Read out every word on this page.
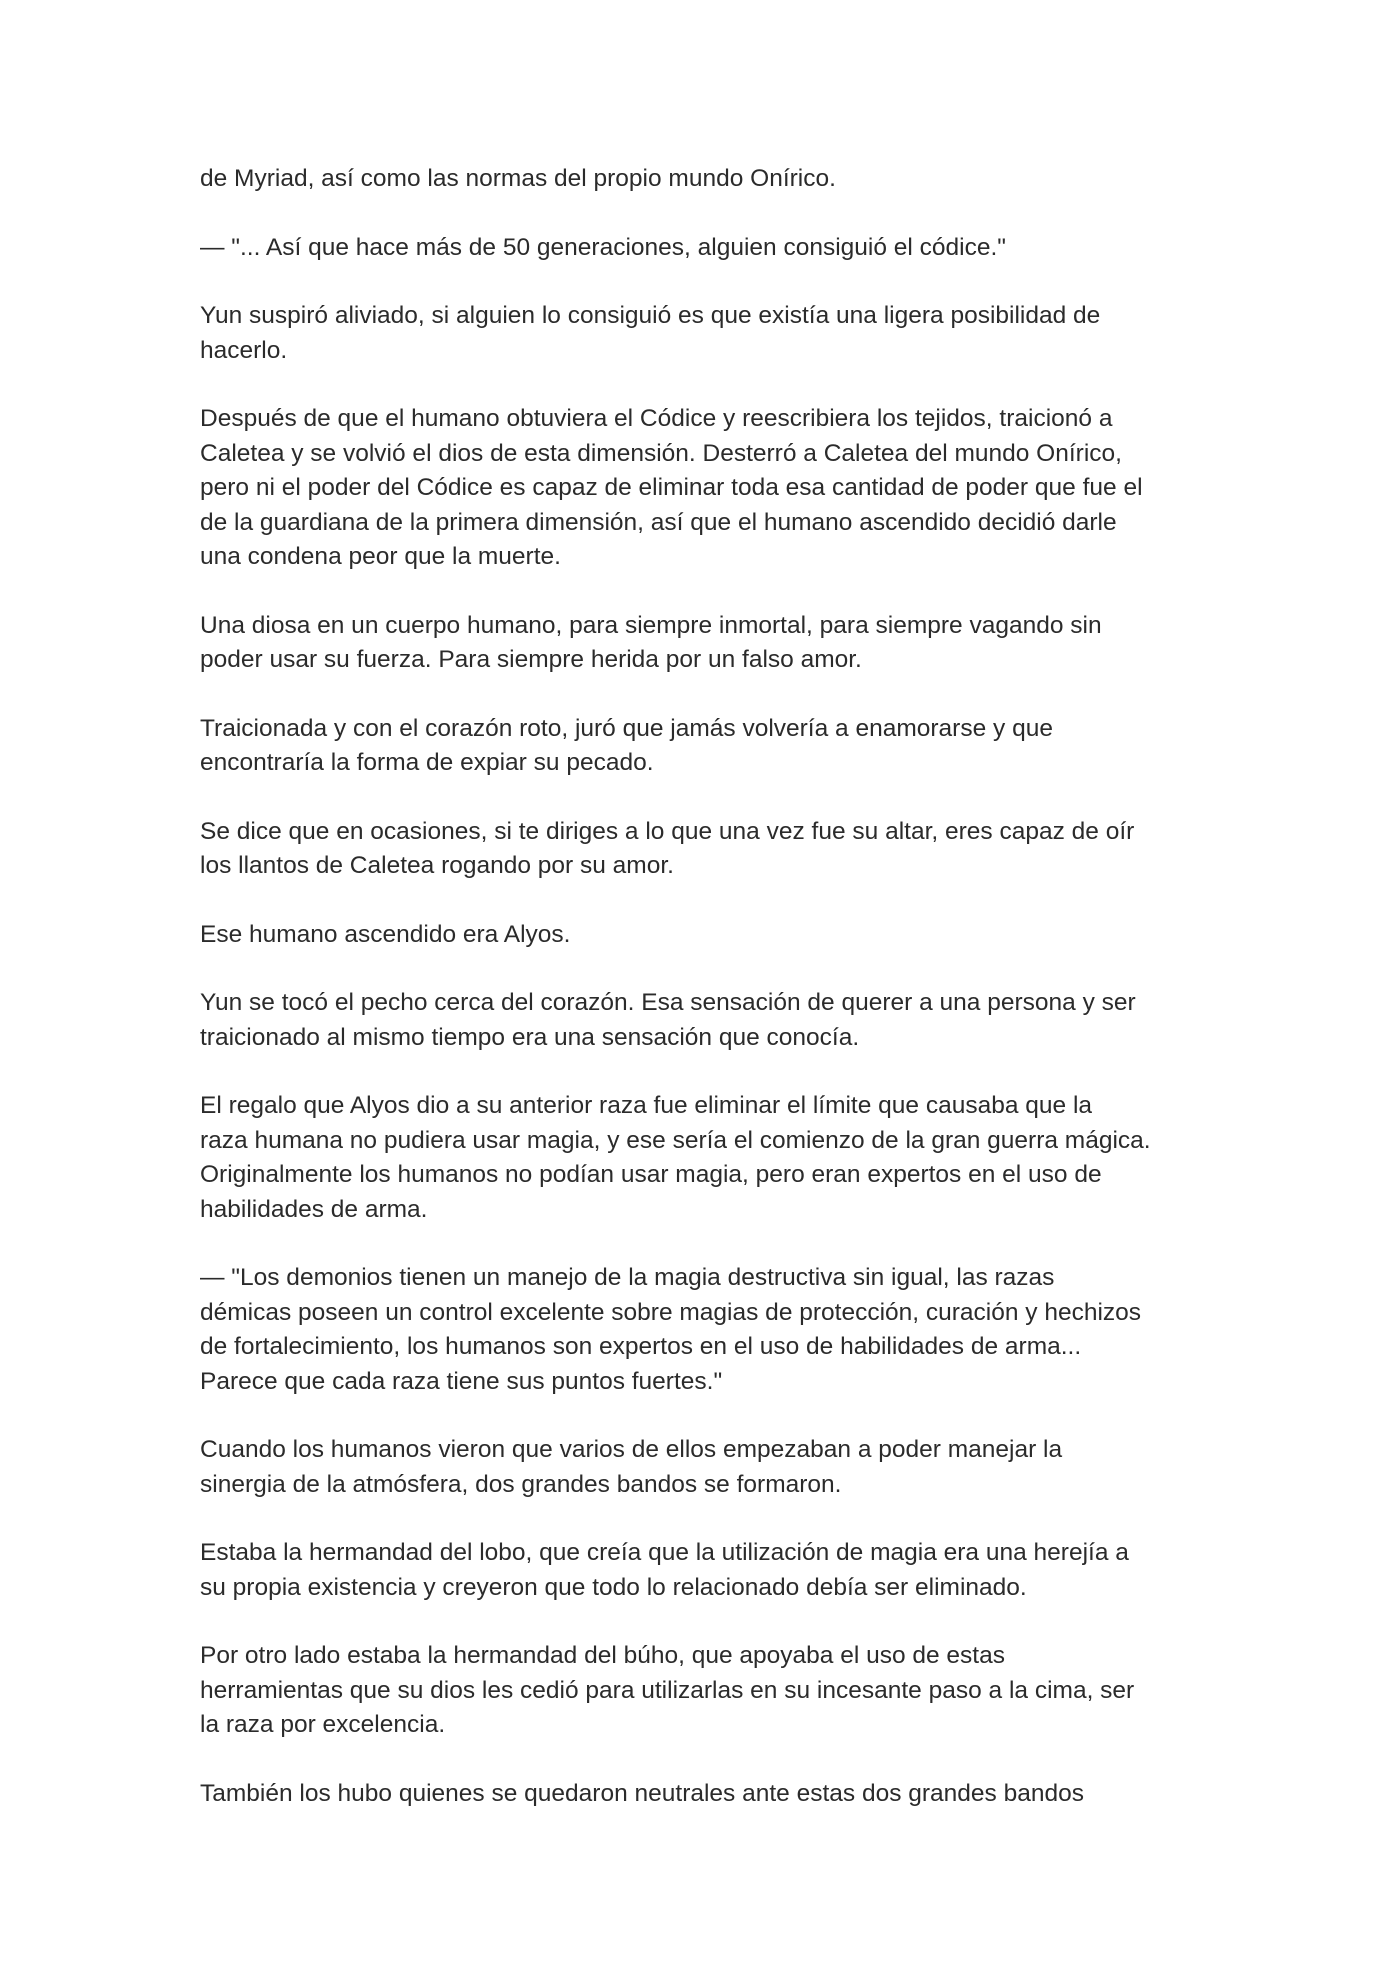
de Myriad, así como las normas del propio mundo Onírico.

— "... Así que hace más de 50 generaciones, alguien consiguió el códice."

Yun suspiró aliviado, si alguien lo consiguió es que existía una ligera posibilidad de
hacerlo.

Después de que el humano obtuviera el Códice y reescribiera los tejidos, traicionó a
Caletea y se volvió el dios de esta dimensión. Desterró a Caletea del mundo Onírico,
pero ni el poder del Códice es capaz de eliminar toda esa cantidad de poder que fue el
de la guardiana de la primera dimensión, así que el humano ascendido decidió darle
una condena peor que la muerte.

Una diosa en un cuerpo humano, para siempre inmortal, para siempre vagando sin
poder usar su fuerza. Para siempre herida por un falso amor.

Traicionada y con el corazón roto, juró que jamás volvería a enamorarse y que
encontraría la forma de expiar su pecado.

Se dice que en ocasiones, si te diriges a lo que una vez fue su altar, eres capaz de oír
los llantos de Caletea rogando por su amor.

Ese humano ascendido era Alyos.

Yun se tocó el pecho cerca del corazón. Esa sensación de querer a una persona y ser
traicionado al mismo tiempo era una sensación que conocía.

El regalo que Alyos dio a su anterior raza fue eliminar el límite que causaba que la
raza humana no pudiera usar magia, y ese sería el comienzo de la gran guerra mágica.
Originalmente los humanos no podían usar magia, pero eran expertos en el uso de
habilidades de arma.

— "Los demonios tienen un manejo de la magia destructiva sin igual, las razas
démicas poseen un control excelente sobre magias de protección, curación y hechizos
de fortalecimiento, los humanos son expertos en el uso de habilidades de arma...
Parece que cada raza tiene sus puntos fuertes."

Cuando los humanos vieron que varios de ellos empezaban a poder manejar la
sinergia de la atmósfera, dos grandes bandos se formaron.

Estaba la hermandad del lobo, que creía que la utilización de magia era una herejía a
su propia existencia y creyeron que todo lo relacionado debía ser eliminado.

Por otro lado estaba la hermandad del búho, que apoyaba el uso de estas
herramientas que su dios les cedió para utilizarlas en su incesante paso a la cima, ser
la raza por excelencia.

También los hubo quienes se quedaron neutrales ante estas dos grandes bandos
